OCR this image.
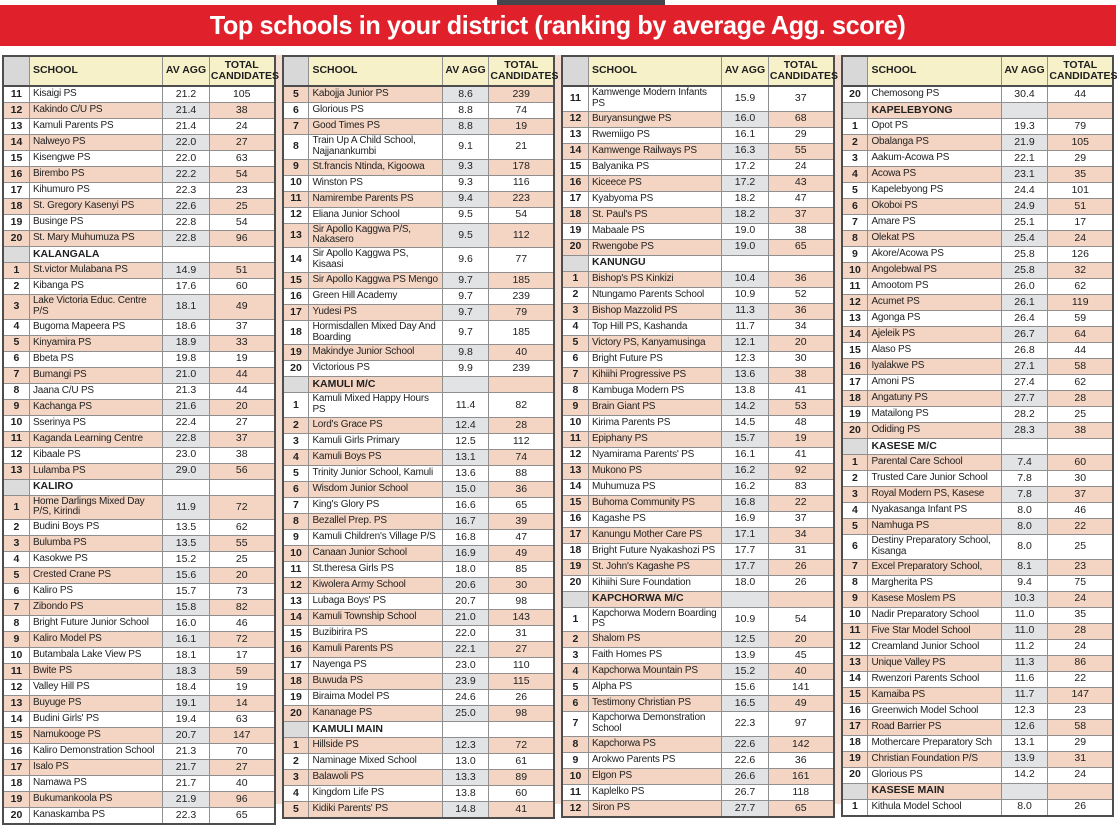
Top schools in your district (ranking by average Agg. score)
	SCHOOL	AV AGG	TOTAL CANDIDATES
11	Kisaigi PS	21.2	105
12	Kakindo C/U PS	21.4	38
13	Kamuli Parents PS	21.4	24
14	Nalweyo PS	22.0	27
15	Kisengwe PS	22.0	63
16	Birembo PS	22.2	54
17	Kihumuro PS	22.3	23
18	St. Gregory Kasenyi PS	22.6	25
19	Businge PS	22.8	54
20	St. Mary Muhumuza PS	22.8	96
	KALANGALA		
1	St.victor Mulabana PS	14.9	51
2	Kibanga PS	17.6	60
3	Lake Victoria Educ. Centre P/S	18.1	49
4	Bugoma Mapeera PS	18.6	37
5	Kinyamira PS	18.9	33
6	Bbeta PS	19.8	19
7	Bumangi PS	21.0	44
8	Jaana C/U PS	21.3	44
9	Kachanga PS	21.6	20
10	Sserinya PS	22.4	27
11	Kaganda Learning Centre	22.8	37
12	Kibaale PS	23.0	38
13	Lulamba PS	29.0	56
	KALIRO		
1	Home Darlings Mixed Day P/S, Kirindi	11.9	72
2	Budini Boys PS	13.5	62
3	Bulumba PS	13.5	55
4	Kasokwe PS	15.2	25
5	Crested Crane PS	15.6	20
6	Kaliro PS	15.7	73
7	Zibondo PS	15.8	82
8	Bright Future Junior School	16.0	46
9	Kaliro Model PS	16.1	72
10	Butambala Lake View PS	18.1	17
11	Bwite PS	18.3	59
12	Valley Hill PS	18.4	19
13	Buyuge PS	19.1	14
14	Budini Girls' PS	19.4	63
15	Namukooge PS	20.7	147
16	Kaliro Demonstration School	21.3	70
17	Isalo PS	21.7	27
18	Namawa PS	21.7	40
19	Bukumankoola PS	21.9	96
20	Kanaskamba PS	22.3	65
	SCHOOL	AV AGG	TOTAL CANDIDATES
5	Kabojja Junior PS	8.6	239
6	Glorious PS	8.8	74
7	Good Times PS	8.8	19
8	Train Up A Child School, Najjanankumbi	9.1	21
9	St.francis Ntinda, Kigoowa	9.3	178
10	Winston PS	9.3	116
11	Namirembe Parents PS	9.4	223
12	Eliana Junior School	9.5	54
13	Sir Apollo Kaggwa P/S, Nakasero	9.5	112
14	Sir Apollo Kaggwa PS, Kisaasi	9.6	77
15	Sir Apollo Kaggwa PS Mengo	9.7	185
16	Green Hill Academy	9.7	239
17	Yudesi PS	9.7	79
18	Hormisdallen Mixed Day And Boarding	9.7	185
19	Makindye Junior School	9.8	40
20	Victorious PS	9.9	239
	KAMULI M/C		
1	Kamuli Mixed Happy Hours PS	11.4	82
2	Lord's Grace PS	12.4	28
3	Kamuli Girls Primary	12.5	112
4	Kamuli Boys PS	13.1	74
5	Trinity Junior School, Kamuli	13.6	88
6	Wisdom Junior School	15.0	36
7	King's Glory PS	16.6	65
8	Bezallel Prep. PS	16.7	39
9	Kamuli Children's Village P/S	16.8	47
10	Canaan Junior School	16.9	49
11	St.theresa Girls PS	18.0	85
12	Kiwolera Army School	20.6	30
13	Lubaga Boys' PS	20.7	98
14	Kamuli Township School	21.0	143
15	Buzibirira PS	22.0	31
16	Kamuli Parents PS	22.1	27
17	Nayenga PS	23.0	110
18	Buwuda PS	23.9	115
19	Biraima Model PS	24.6	26
20	Kananage PS	25.0	98
	KAMULI MAIN		
1	Hillside PS	12.3	72
2	Naminage Mixed School	13.0	61
3	Balawoli PS	13.3	89
4	Kingdom Life PS	13.8	60
5	Kidiki Parents' PS	14.8	41
	SCHOOL	AV AGG	TOTAL CANDIDATES
11	Kamwenge Modern Infants PS	15.9	37
12	Buryansungwe PS	16.0	68
13	Rwemiigo PS	16.1	29
14	Kamwenge Railways PS	16.3	55
15	Balyanika PS	17.2	24
16	Kiceece PS	17.2	43
17	Kyabyoma PS	18.2	47
18	St. Paul's PS	18.2	37
19	Mabaale PS	19.0	38
20	Rwengobe PS	19.0	65
	KANUNGU		
1	Bishop's PS Kinkizi	10.4	36
2	Ntungamo Parents School	10.9	52
3	Bishop Mazzolid PS	11.3	36
4	Top Hill PS, Kashanda	11.7	34
5	Victory PS, Kanyamusinga	12.1	20
6	Bright Future PS	12.3	30
7	Kihiihi Progressive PS	13.6	38
8	Kambuga Modern PS	13.8	41
9	Brain Giant PS	14.2	53
10	Kirima Parents PS	14.5	48
11	Epiphany PS	15.7	19
12	Nyamirama Parents' PS	16.1	41
13	Mukono PS	16.2	92
14	Muhumuza PS	16.2	83
15	Buhoma Community PS	16.8	22
16	Kagashe PS	16.9	37
17	Kanungu Mother Care PS	17.1	34
18	Bright Future Nyakashozi PS	17.7	31
19	St. John's Kagashe PS	17.7	26
20	Kihiihi Sure Foundation	18.0	26
	KAPCHORWA M/C		
1	Kapchorwa Modern Boarding PS	10.9	54
2	Shalom PS	12.5	20
3	Faith Homes PS	13.9	45
4	Kapchorwa Mountain PS	15.2	40
5	Alpha PS	15.6	141
6	Testimony Christian PS	16.5	49
7	Kapchorwa Demonstration School	22.3	97
8	Kapchorwa PS	22.6	142
9	Arokwo Parents PS	22.6	36
10	Elgon PS	26.6	161
11	Kaplelko PS	26.7	118
12	Siron PS	27.7	65
	SCHOOL	AV AGG	TOTAL CANDIDATES
20	Chemosong PS	30.4	44
	KAPELEBYONG		
1	Opot PS	19.3	79
2	Obalanga PS	21.9	105
3	Aakum-Acowa PS	22.1	29
4	Acowa PS	23.1	35
5	Kapelebyong PS	24.4	101
6	Okoboi PS	24.9	51
7	Amare PS	25.1	17
8	Olekat PS	25.4	24
9	Akore/Acowa PS	25.8	126
10	Angolebwal PS	25.8	32
11	Amootom PS	26.0	62
12	Acumet PS	26.1	119
13	Agonga PS	26.4	59
14	Ajeleik PS	26.7	64
15	Alaso PS	26.8	44
16	Iyalakwe PS	27.1	58
17	Amoni PS	27.4	62
18	Angatuny PS	27.7	28
19	Matailong PS	28.2	25
20	Odiding PS	28.3	38
	KASESE M/C		
1	Parental Care School	7.4	60
2	Trusted Care Junior School	7.8	30
3	Royal Modern PS, Kasese	7.8	37
4	Nyakasanga Infant PS	8.0	46
5	Namhuga PS	8.0	22
6	Destiny Preparatory School, Kisanga	8.0	25
7	Excel Preparatory School,	8.1	23
8	Margherita PS	9.4	75
9	Kasese Moslem PS	10.3	24
10	Nadir Preparatory School	11.0	35
11	Five Star Model School	11.0	28
12	Creamland Junior School	11.2	24
13	Unique Valley PS	11.3	86
14	Rwenzori Parents School	11.6	22
15	Kamaiba PS	11.7	147
16	Greenwich Model School	12.3	23
17	Road Barrier PS	12.6	58
18	Mothercare Preparatory Sch	13.1	29
19	Christian Foundation P/S	13.9	31
20	Glorious PS	14.2	24
	KASESE MAIN		
1	Kithula Model School	8.0	26
